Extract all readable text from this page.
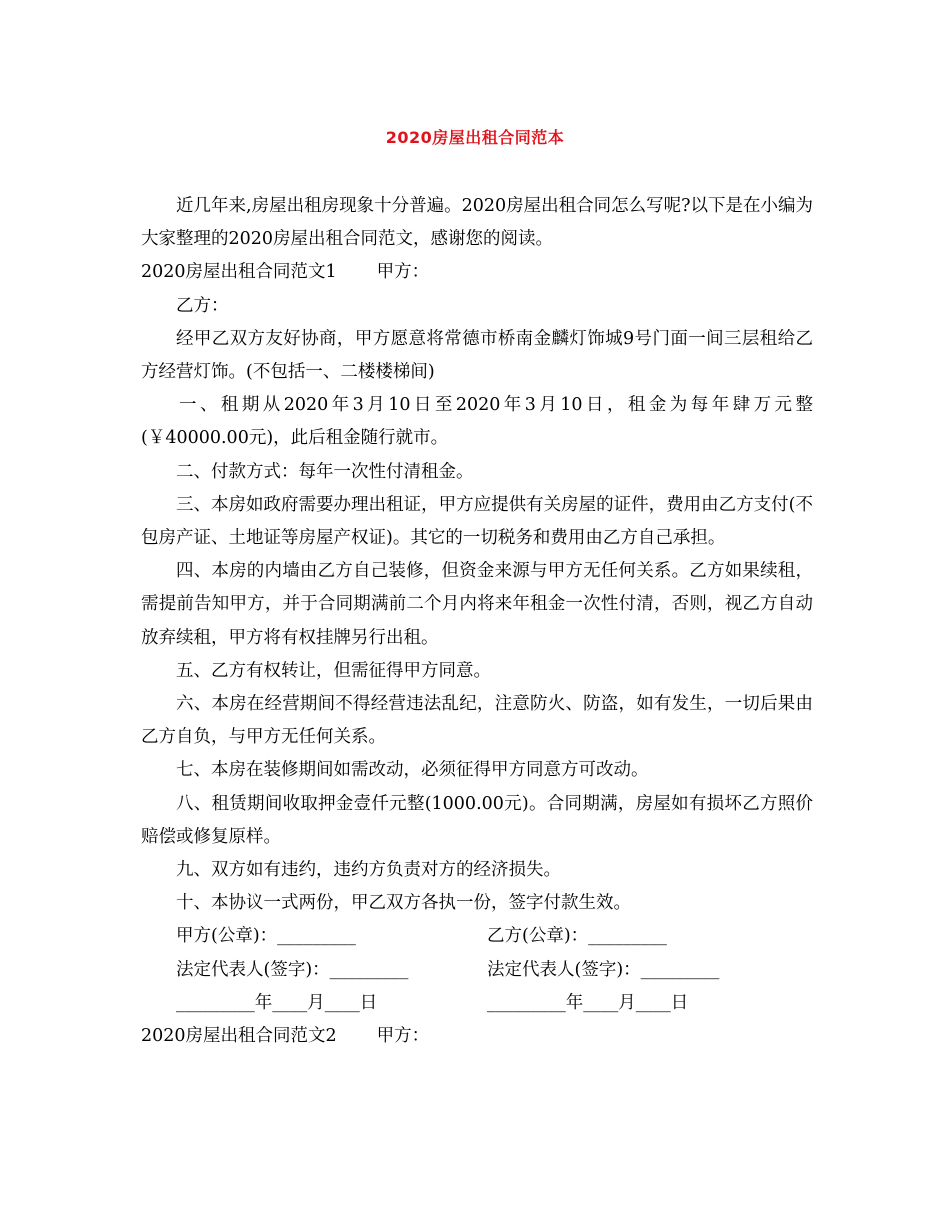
2020房屋出租合同范本

近几年来,房屋出租房现象十分普遍。2020房屋出租合同怎么写呢?以下是在小编为大家整理的2020房屋出租合同范文，感谢您的阅读。

2020房屋出租合同范文1 甲方：

乙方：

经甲乙双方友好协商，甲方愿意将常德市桥南金麟灯饰城9号门面一间三层租给乙方经营灯饰。(不包括一、二楼楼梯间)

一、租期从2020年3月10日至2020年3月10日，租金为每年肆万元整(￥40000.00元)，此后租金随行就市。

二、付款方式：每年一次性付清租金。

三、本房如政府需要办理出租证，甲方应提供有关房屋的证件，费用由乙方支付(不包房产证、土地证等房屋产权证)。其它的一切税务和费用由乙方自己承担。

四、本房的内墙由乙方自己装修，但资金来源与甲方无任何关系。乙方如果续租，需提前告知甲方，并于合同期满前二个月内将来年租金一次性付清，否则，视乙方自动放弃续租，甲方将有权挂牌另行出租。

五、乙方有权转让，但需征得甲方同意。

六、本房在经营期间不得经营违法乱纪，注意防火、防盗，如有发生，一切后果由乙方自负，与甲方无任何关系。

七、本房在装修期间如需改动，必须征得甲方同意方可改动。

八、租赁期间收取押金壹仟元整(1000.00元)。合同期满，房屋如有损坏乙方照价赔偿或修复原样。

九、双方如有违约，违约方负责对方的经济损失。

十、本协议一式两份，甲乙双方各执一份，签字付款生效。

甲方(公章)：_________	乙方(公章)：_________
法定代表人(签字)：_________	法定代表人(签字)：_________
_________年____月____日	_________年____月____日

2020房屋出租合同范文2 甲方：
